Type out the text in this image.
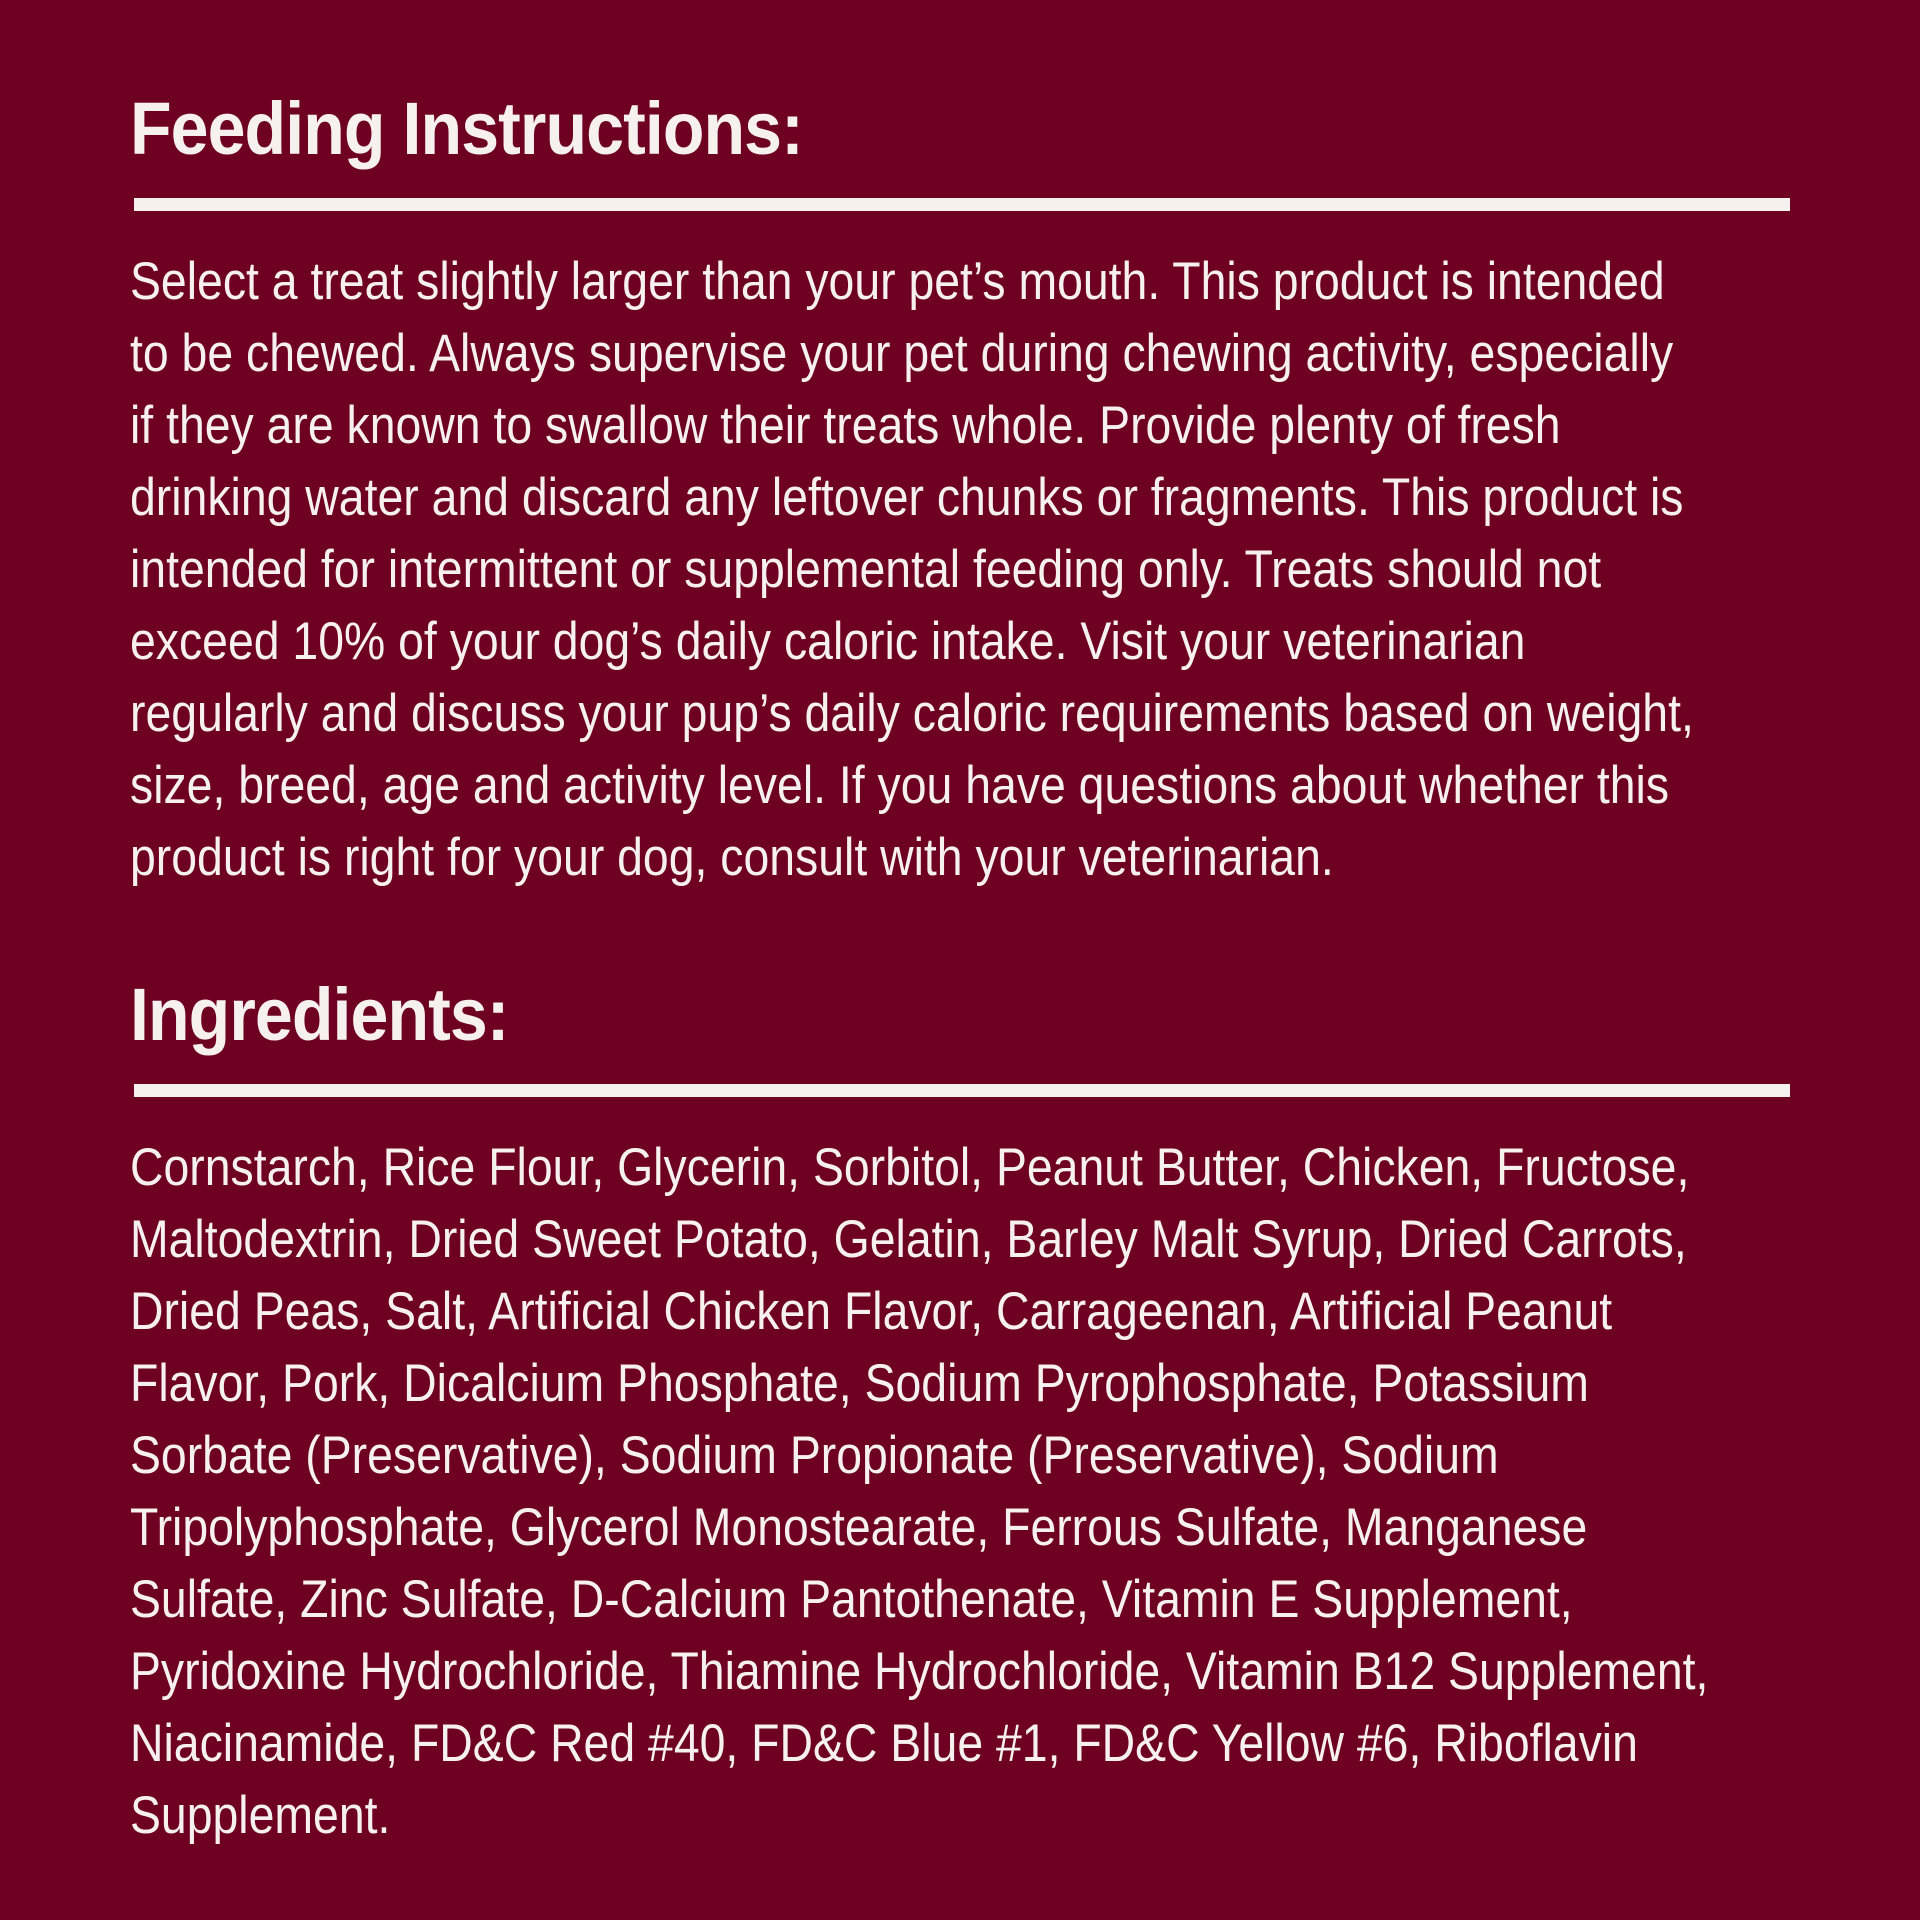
Feeding Instructions:

Select a treat slightly larger than your pet’s mouth. This product is intended
to be chewed. Always supervise your pet during chewing activity, especially
if they are known to swallow their treats whole. Provide plenty of fresh
drinking water and discard any leftover chunks or fragments. This product is
intended for intermittent or supplemental feeding only. Treats should not
exceed 10% of your dog’s daily caloric intake. Visit your veterinarian
regularly and discuss your pup’s daily caloric requirements based on weight,
size, breed, age and activity level. If you have questions about whether this
product is right for your dog, consult with your veterinarian.

Ingredients:

Cornstarch, Rice Flour, Glycerin, Sorbitol, Peanut Butter, Chicken, Fructose,
Maltodextrin, Dried Sweet Potato, Gelatin, Barley Malt Syrup, Dried Carrots,
Dried Peas, Salt, Artificial Chicken Flavor, Carrageenan, Artificial Peanut
Flavor, Pork, Dicalcium Phosphate, Sodium Pyrophosphate, Potassium
Sorbate (Preservative), Sodium Propionate (Preservative), Sodium
Tripolyphosphate, Glycerol Monostearate, Ferrous Sulfate, Manganese
Sulfate, Zinc Sulfate, D-Calcium Pantothenate, Vitamin E Supplement,
Pyridoxine Hydrochloride, Thiamine Hydrochloride, Vitamin B12 Supplement,
Niacinamide, FD&C Red #40, FD&C Blue #1, FD&C Yellow #6, Riboflavin
Supplement.
